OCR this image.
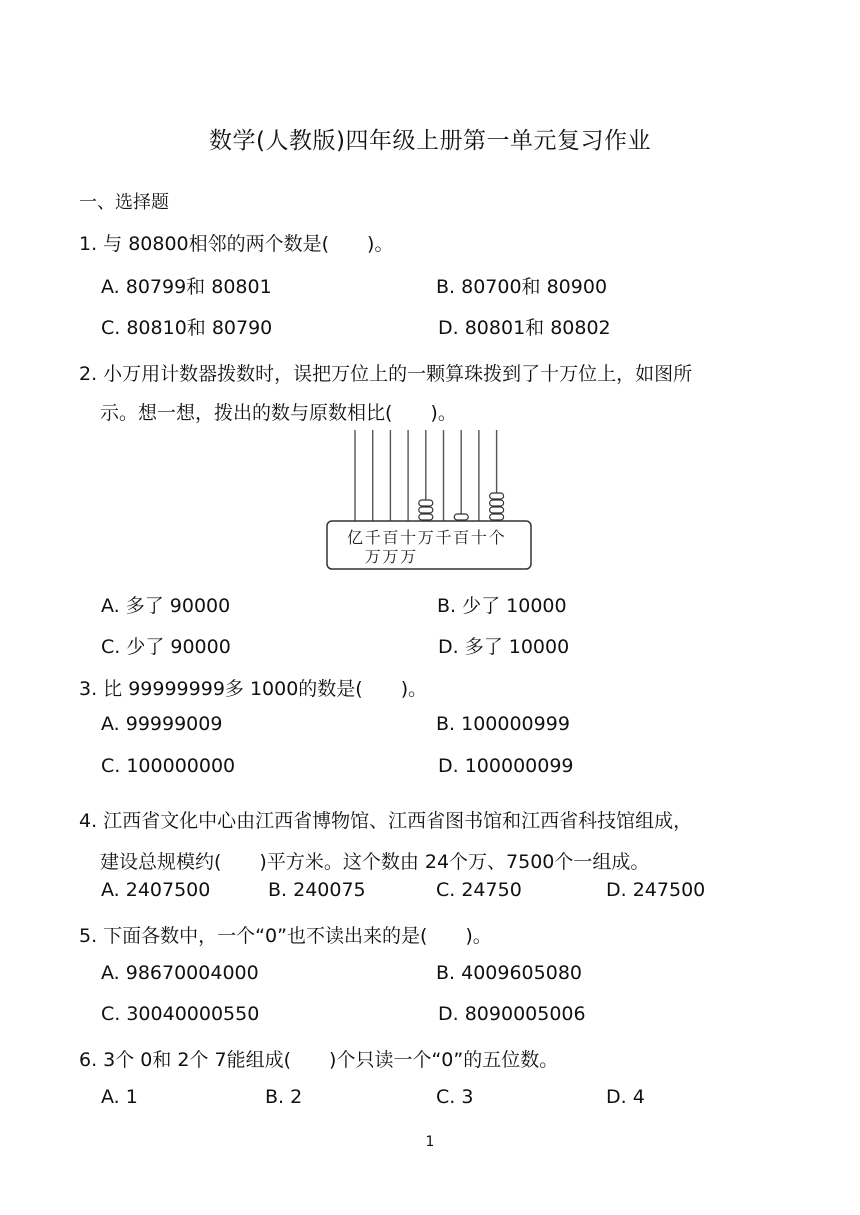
数学(人教版)四年级上册第一单元复习作业
一、选择题
1. 与 80800相邻的两个数是(　　)。
A. 80799和 80801	B. 80700和 80900
C. 80810和 80790	D. 80801和 80802
2. 小万用计数器拨数时，误把万位上的一颗算珠拨到了十万位上，如图所
示。想一想，拨出的数与原数相比(　　)。
亿 千 百 十 万 千 百 十 个
万 万 万
A. 多了 90000	B. 少了 10000
C. 少了 90000	D. 多了 10000
3. 比 99999999多 1000的数是(　　)。
A. 99999009	B. 100000999
C. 100000000	D. 100000099
4. 江西省文化中心由江西省博物馆、江西省图书馆和江西省科技馆组成，
建设总规模约(　　)平方米。这个数由 24个万、7500个一组成。
A. 2407500	B. 240075	C. 24750	D. 247500
5. 下面各数中，一个“0”也不读出来的是(　　)。
A. 98670004000	B. 4009605080
C. 30040000550	D. 8090005006
6. 3个 0和 2个 7能组成(　　)个只读一个“0”的五位数。
A. 1	B. 2	C. 3	D. 4
1
